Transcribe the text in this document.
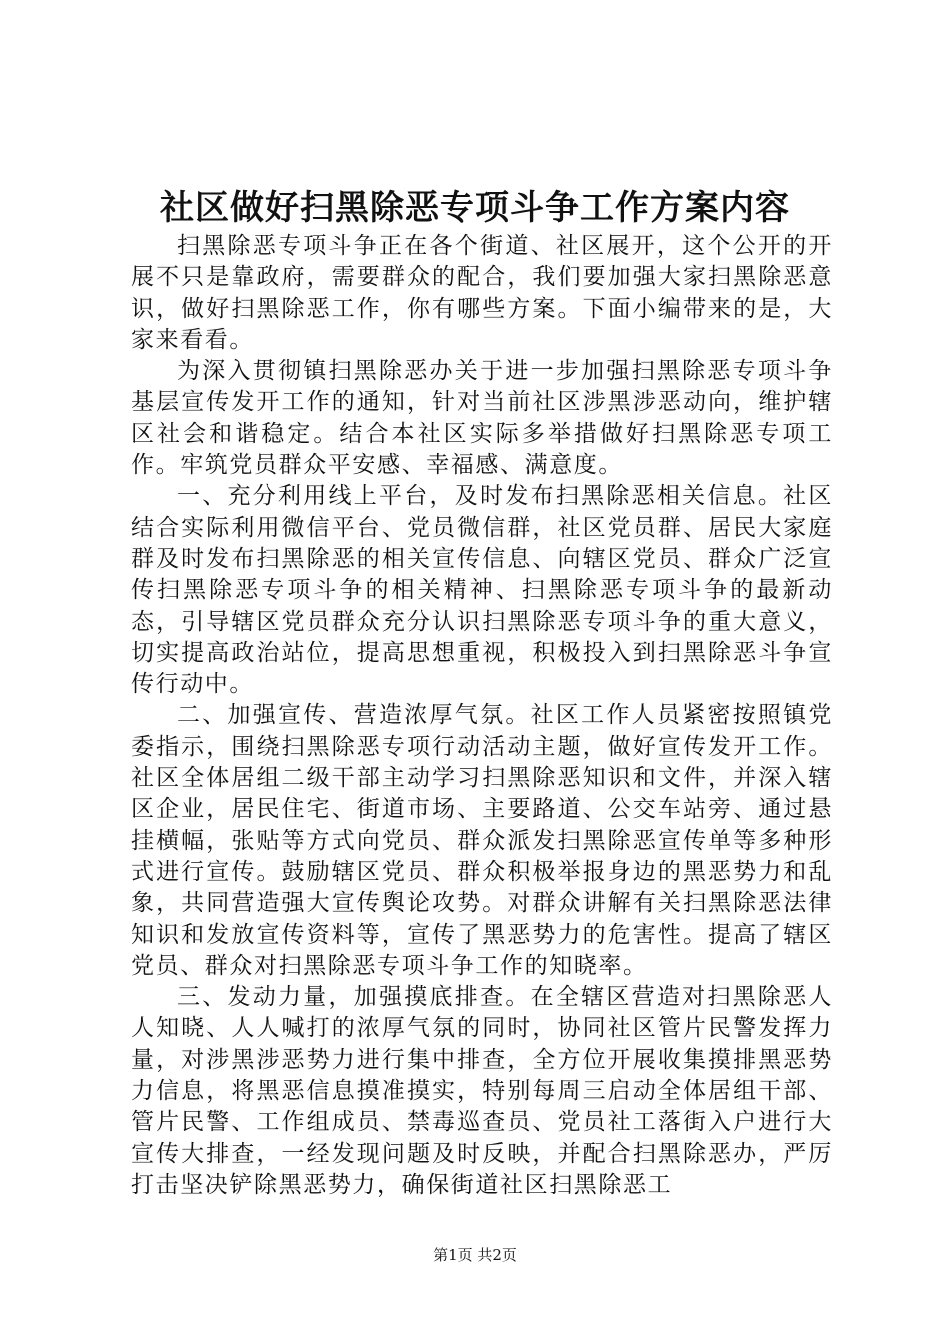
社区做好扫黑除恶专项斗争工作方案内容

扫黑除恶专项斗争正在各个街道、社区展开，这个公开的开展不只是靠政府，需要群众的配合，我们要加强大家扫黑除恶意识，做好扫黑除恶工作，你有哪些方案。下面小编带来的是，大家来看看。

为深入贯彻镇扫黑除恶办关于进一步加强扫黑除恶专项斗争基层宣传发开工作的通知，针对当前社区涉黑涉恶动向，维护辖区社会和谐稳定。结合本社区实际多举措做好扫黑除恶专项工作。牢筑党员群众平安感、幸福感、满意度。

一、充分利用线上平台，及时发布扫黑除恶相关信息。社区结合实际利用微信平台、党员微信群，社区党员群、居民大家庭群及时发布扫黑除恶的相关宣传信息、向辖区党员、群众广泛宣传扫黑除恶专项斗争的相关精神、扫黑除恶专项斗争的最新动态，引导辖区党员群众充分认识扫黑除恶专项斗争的重大意义，切实提高政治站位，提高思想重视，积极投入到扫黑除恶斗争宣传行动中。

二、加强宣传、营造浓厚气氛。社区工作人员紧密按照镇党委指示，围绕扫黑除恶专项行动活动主题，做好宣传发开工作。社区全体居组二级干部主动学习扫黑除恶知识和文件，并深入辖区企业，居民住宅、街道市场、主要路道、公交车站旁、通过悬挂横幅，张贴等方式向党员、群众派发扫黑除恶宣传单等多种形式进行宣传。鼓励辖区党员、群众积极举报身边的黑恶势力和乱象，共同营造强大宣传舆论攻势。对群众讲解有关扫黑除恶法律知识和发放宣传资料等，宣传了黑恶势力的危害性。提高了辖区党员、群众对扫黑除恶专项斗争工作的知晓率。

三、发动力量，加强摸底排查。在全辖区营造对扫黑除恶人人知晓、人人喊打的浓厚气氛的同时，协同社区管片民警发挥力量，对涉黑涉恶势力进行集中排查，全方位开展收集摸排黑恶势力信息，将黑恶信息摸准摸实，特别每周三启动全体居组干部、管片民警、工作组成员、禁毒巡查员、党员社工落街入户进行大宣传大排查，一经发现问题及时反映，并配合扫黑除恶办，严厉打击坚决铲除黑恶势力，确保街道社区扫黑除恶工

第1页 共2页
